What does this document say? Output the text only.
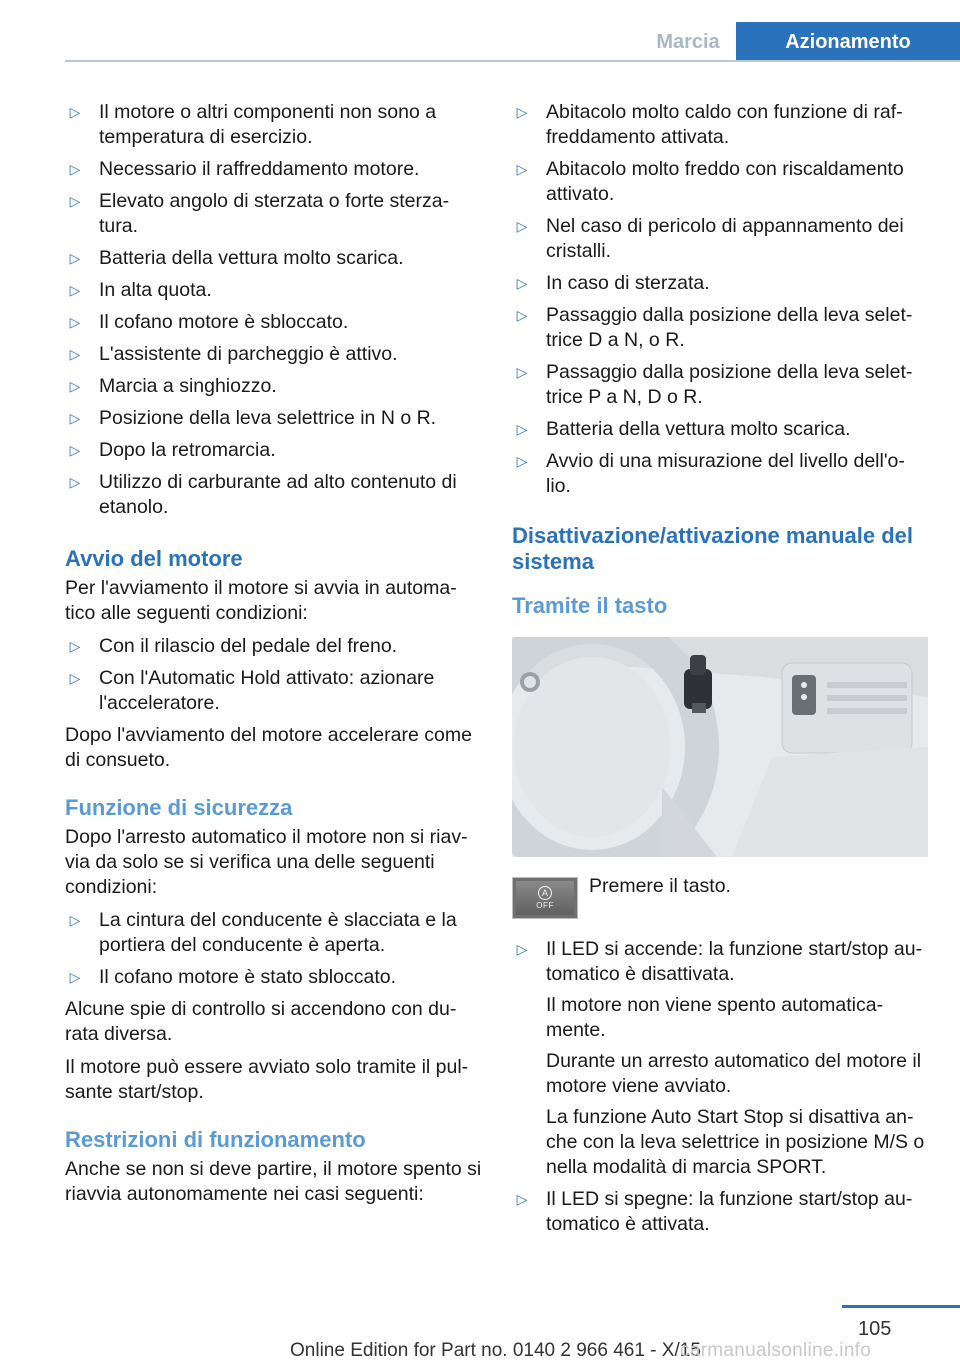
Marcia	Azionamento
▷ Il motore o altri componenti non sono a temperatura di esercizio.
▷ Necessario il raffreddamento motore.
▷ Elevato angolo di sterzata o forte sterza- tura.
▷ Batteria della vettura molto scarica.
▷ In alta quota.
▷ Il cofano motore è sbloccato.
▷ L'assistente di parcheggio è attivo.
▷ Marcia a singhiozzo.
▷ Posizione della leva selettrice in N o R.
▷ Dopo la retromarcia.
▷ Utilizzo di carburante ad alto contenuto di etanolo.
Avvio del motore

Per l'avviamento il motore si avvia in automa- tico alle seguenti condizioni:

▷ Con il rilascio del pedale del freno.
▷ Con l'Automatic Hold attivato: azionare l'acceleratore.

Dopo l'avviamento del motore accelerare come di consueto.

Funzione di sicurezza

Dopo l'arresto automatico il motore non si riav- via da solo se si verifica una delle seguenti condizioni:

▷ La cintura del conducente è slacciata e la portiera del conducente è aperta.
▷ Il cofano motore è stato sbloccato.

Alcune spie di controllo si accendono con du- rata diversa.

Il motore può essere avviato solo tramite il pul- sante start/stop.

Restrizioni di funzionamento

Anche se non si deve partire, il motore spento si riavvia autonomamente nei casi seguenti:

▷ Abitacolo molto caldo con funzione di raf- freddamento attivata.
▷ Abitacolo molto freddo con riscaldamento attivato.
▷ Nel caso di pericolo di appannamento dei cristalli.
▷ In caso di sterzata.
▷ Passaggio dalla posizione della leva selet- trice D a N, o R.
▷ Passaggio dalla posizione della leva selet- trice P a N, D o R.
▷ Batteria della vettura molto scarica.
▷ Avvio di una misurazione del livello dell'o- lio.
Disattivazione/attivazione manuale del sistema
Tramite il tasto
A
OFF
Premere il tasto.
▷ Il LED si accende: la funzione start/stop au- tomatico è disattivata.
Il motore non viene spento automatica- mente.
Durante un arresto automatico del motore il motore viene avviato.
La funzione Auto Start Stop si disattiva an- che con la leva selettrice in posizione M/S o nella modalità di marcia SPORT.
▷ Il LED si spegne: la funzione start/stop au- tomatico è attivata.
105
Online Edition for Part no. 0140 2 966 461 - X/15
carmanualsonline.info
